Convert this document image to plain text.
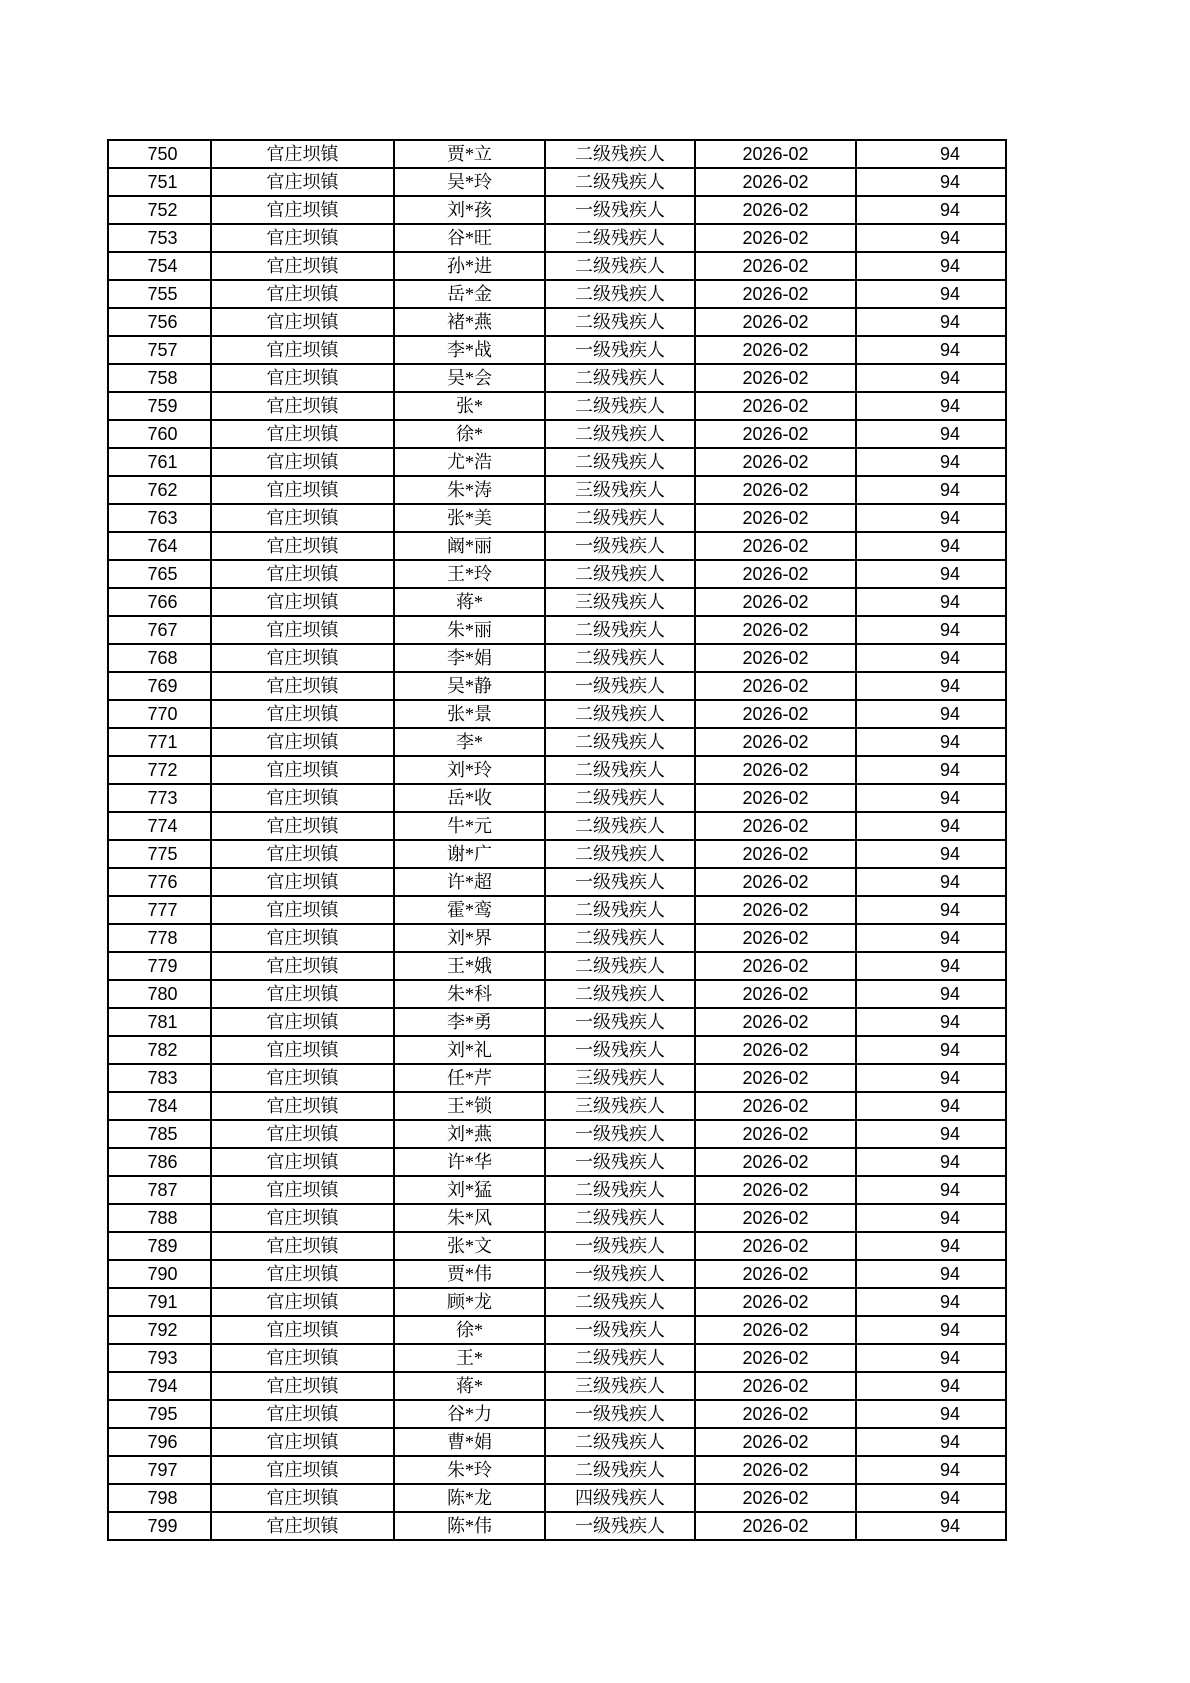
750	官庄坝镇	贾*立	二级残疾人	2026-02	94
751	官庄坝镇	吴*玲	二级残疾人	2026-02	94
752	官庄坝镇	刘*孩	一级残疾人	2026-02	94
753	官庄坝镇	谷*旺	二级残疾人	2026-02	94
754	官庄坝镇	孙*进	二级残疾人	2026-02	94
755	官庄坝镇	岳*金	二级残疾人	2026-02	94
756	官庄坝镇	褚*燕	二级残疾人	2026-02	94
757	官庄坝镇	李*战	一级残疾人	2026-02	94
758	官庄坝镇	吴*会	二级残疾人	2026-02	94
759	官庄坝镇	张*	二级残疾人	2026-02	94
760	官庄坝镇	徐*	二级残疾人	2026-02	94
761	官庄坝镇	尤*浩	二级残疾人	2026-02	94
762	官庄坝镇	朱*涛	三级残疾人	2026-02	94
763	官庄坝镇	张*美	二级残疾人	2026-02	94
764	官庄坝镇	阚*丽	一级残疾人	2026-02	94
765	官庄坝镇	王*玲	二级残疾人	2026-02	94
766	官庄坝镇	蒋*	三级残疾人	2026-02	94
767	官庄坝镇	朱*丽	二级残疾人	2026-02	94
768	官庄坝镇	李*娟	二级残疾人	2026-02	94
769	官庄坝镇	吴*静	一级残疾人	2026-02	94
770	官庄坝镇	张*景	二级残疾人	2026-02	94
771	官庄坝镇	李*	二级残疾人	2026-02	94
772	官庄坝镇	刘*玲	二级残疾人	2026-02	94
773	官庄坝镇	岳*收	二级残疾人	2026-02	94
774	官庄坝镇	牛*元	二级残疾人	2026-02	94
775	官庄坝镇	谢*广	二级残疾人	2026-02	94
776	官庄坝镇	许*超	一级残疾人	2026-02	94
777	官庄坝镇	霍*鸾	二级残疾人	2026-02	94
778	官庄坝镇	刘*界	二级残疾人	2026-02	94
779	官庄坝镇	王*娥	二级残疾人	2026-02	94
780	官庄坝镇	朱*科	二级残疾人	2026-02	94
781	官庄坝镇	李*勇	一级残疾人	2026-02	94
782	官庄坝镇	刘*礼	一级残疾人	2026-02	94
783	官庄坝镇	任*芹	三级残疾人	2026-02	94
784	官庄坝镇	王*锁	三级残疾人	2026-02	94
785	官庄坝镇	刘*燕	一级残疾人	2026-02	94
786	官庄坝镇	许*华	一级残疾人	2026-02	94
787	官庄坝镇	刘*猛	二级残疾人	2026-02	94
788	官庄坝镇	朱*风	二级残疾人	2026-02	94
789	官庄坝镇	张*文	一级残疾人	2026-02	94
790	官庄坝镇	贾*伟	一级残疾人	2026-02	94
791	官庄坝镇	顾*龙	二级残疾人	2026-02	94
792	官庄坝镇	徐*	一级残疾人	2026-02	94
793	官庄坝镇	王*	二级残疾人	2026-02	94
794	官庄坝镇	蒋*	三级残疾人	2026-02	94
795	官庄坝镇	谷*力	一级残疾人	2026-02	94
796	官庄坝镇	曹*娟	二级残疾人	2026-02	94
797	官庄坝镇	朱*玲	二级残疾人	2026-02	94
798	官庄坝镇	陈*龙	四级残疾人	2026-02	94
799	官庄坝镇	陈*伟	一级残疾人	2026-02	94
